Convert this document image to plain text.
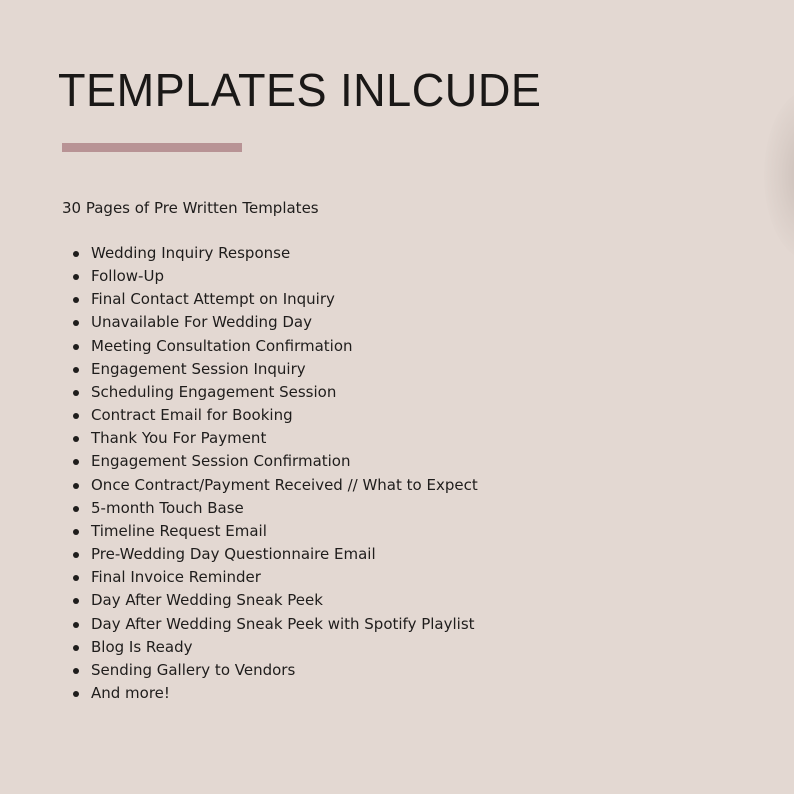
TEMPLATES INLCUDE

30 Pages of Pre Written Templates

Wedding Inquiry Response
Follow-Up
Final Contact Attempt on Inquiry
Unavailable For Wedding Day
Meeting Consultation Confirmation
Engagement Session Inquiry
Scheduling Engagement Session
Contract Email for Booking
Thank You For Payment
Engagement Session Confirmation
Once Contract/Payment Received // What to Expect
5-month Touch Base
Timeline Request Email
Pre-Wedding Day Questionnaire Email
Final Invoice Reminder
Day After Wedding Sneak Peek
Day After Wedding Sneak Peek with Spotify Playlist
Blog Is Ready
Sending Gallery to Vendors
And more!
